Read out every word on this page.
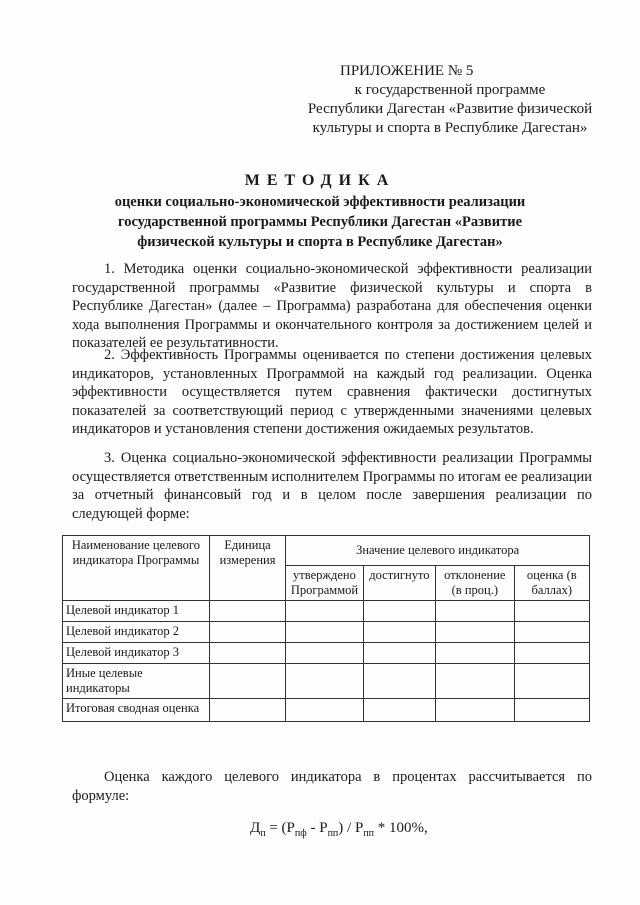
ПРИЛОЖЕНИЕ № 5
к государственной программе
Республики Дагестан «Развитие физической
культуры и спорта в Республике Дагестан»
МЕТОДИКА
оценки социально-экономической эффективности реализации
государственной программы Республики Дагестан «Развитие
физической культуры и спорта в Республике Дагестан»
1. Методика оценки социально-экономической эффективности реализации государственной программы «Развитие физической культуры и спорта в Республике Дагестан» (далее – Программа) разработана для обеспечения оценки хода выполнения Программы и окончательного контроля за достижением целей и показателей ее результативности.
2. Эффективность Программы оценивается по степени достижения целевых индикаторов, установленных Программой на каждый год реализации. Оценка эффективности осуществляется путем сравнения фактически достигнутых показателей за соответствующий период с утвержденными значениями целевых индикаторов и установления степени достижения ожидаемых результатов.
3. Оценка социально-экономической эффективности реализации Программы осуществляется ответственным исполнителем Программы по итогам ее реализации за отчетный финансовый год и в целом после завершения реализации по следующей форме:
Наименование целевого индикатора Программы	Единица измерения	Значение целевого индикатора			
		утверждено Программой	достигнуто	отклонение (в проц.)	оценка (в баллах)
Целевой индикатор 1					
Целевой индикатор 2					
Целевой индикатор 3					
Иные целевые индикаторы					
Итоговая сводная оценка					
Оценка каждого целевого индикатора в процентах рассчитывается по формуле:
$Д_п = (Р_{пф} - Р_{пп}) / Р_{пп} * 100\%$,
